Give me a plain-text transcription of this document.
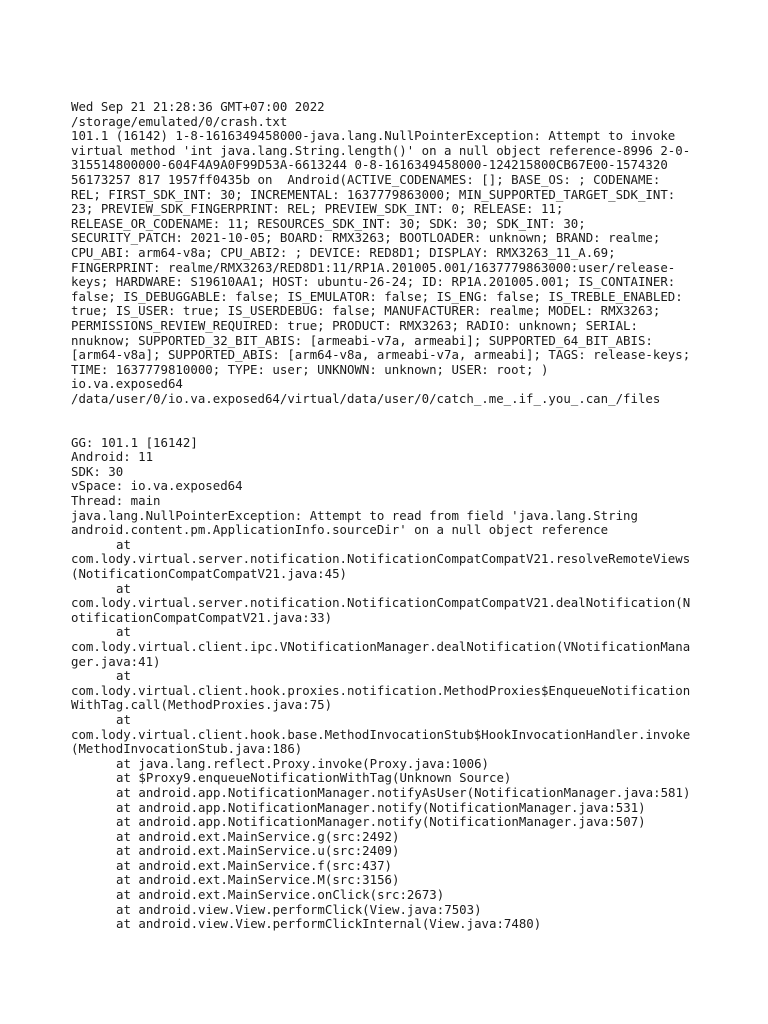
Wed Sep 21 21:28:36 GMT+07:00 2022
/storage/emulated/0/crash.txt
101.1 (16142) 1-8-1616349458000-java.lang.NullPointerException: Attempt to invoke
virtual method 'int java.lang.String.length()' on a null object reference-8996 2-0-
315514800000-604F4A9A0F99D53A-6613244 0-8-1616349458000-124215800CB67E00-1574320
56173257 817 1957ff0435b on  Android(ACTIVE_CODENAMES: []; BASE_OS: ; CODENAME:
REL; FIRST_SDK_INT: 30; INCREMENTAL: 1637779863000; MIN_SUPPORTED_TARGET_SDK_INT:
23; PREVIEW_SDK_FINGERPRINT: REL; PREVIEW_SDK_INT: 0; RELEASE: 11;
RELEASE_OR_CODENAME: 11; RESOURCES_SDK_INT: 30; SDK: 30; SDK_INT: 30;
SECURITY_PATCH: 2021-10-05; BOARD: RMX3263; BOOTLOADER: unknown; BRAND: realme;
CPU_ABI: arm64-v8a; CPU_ABI2: ; DEVICE: RED8D1; DISPLAY: RMX3263_11_A.69;
FINGERPRINT: realme/RMX3263/RED8D1:11/RP1A.201005.001/1637779863000:user/release-
keys; HARDWARE: S19610AA1; HOST: ubuntu-26-24; ID: RP1A.201005.001; IS_CONTAINER:
false; IS_DEBUGGABLE: false; IS_EMULATOR: false; IS_ENG: false; IS_TREBLE_ENABLED:
true; IS_USER: true; IS_USERDEBUG: false; MANUFACTURER: realme; MODEL: RMX3263;
PERMISSIONS_REVIEW_REQUIRED: true; PRODUCT: RMX3263; RADIO: unknown; SERIAL:
nnuknow; SUPPORTED_32_BIT_ABIS: [armeabi-v7a, armeabi]; SUPPORTED_64_BIT_ABIS:
[arm64-v8a]; SUPPORTED_ABIS: [arm64-v8a, armeabi-v7a, armeabi]; TAGS: release-keys;
TIME: 1637779810000; TYPE: user; UNKNOWN: unknown; USER: root; )
io.va.exposed64
/data/user/0/io.va.exposed64/virtual/data/user/0/catch_.me_.if_.you_.can_/files
GG: 101.1 [16142]
Android: 11
SDK: 30
vSpace: io.va.exposed64
Thread: main
java.lang.NullPointerException: Attempt to read from field 'java.lang.String
android.content.pm.ApplicationInfo.sourceDir' on a null object reference
at
com.lody.virtual.server.notification.NotificationCompatCompatV21.resolveRemoteViews
(NotificationCompatCompatV21.java:45)
at
com.lody.virtual.server.notification.NotificationCompatCompatV21.dealNotification(N
otificationCompatCompatV21.java:33)
at
com.lody.virtual.client.ipc.VNotificationManager.dealNotification(VNotificationMana
ger.java:41)
at
com.lody.virtual.client.hook.proxies.notification.MethodProxies$EnqueueNotification
WithTag.call(MethodProxies.java:75)
at
com.lody.virtual.client.hook.base.MethodInvocationStub$HookInvocationHandler.invoke
(MethodInvocationStub.java:186)
at java.lang.reflect.Proxy.invoke(Proxy.java:1006)
at $Proxy9.enqueueNotificationWithTag(Unknown Source)
at android.app.NotificationManager.notifyAsUser(NotificationManager.java:581)
at android.app.NotificationManager.notify(NotificationManager.java:531)
at android.app.NotificationManager.notify(NotificationManager.java:507)
at android.ext.MainService.g(src:2492)
at android.ext.MainService.u(src:2409)
at android.ext.MainService.f(src:437)
at android.ext.MainService.M(src:3156)
at android.ext.MainService.onClick(src:2673)
at android.view.View.performClick(View.java:7503)
at android.view.View.performClickInternal(View.java:7480)
